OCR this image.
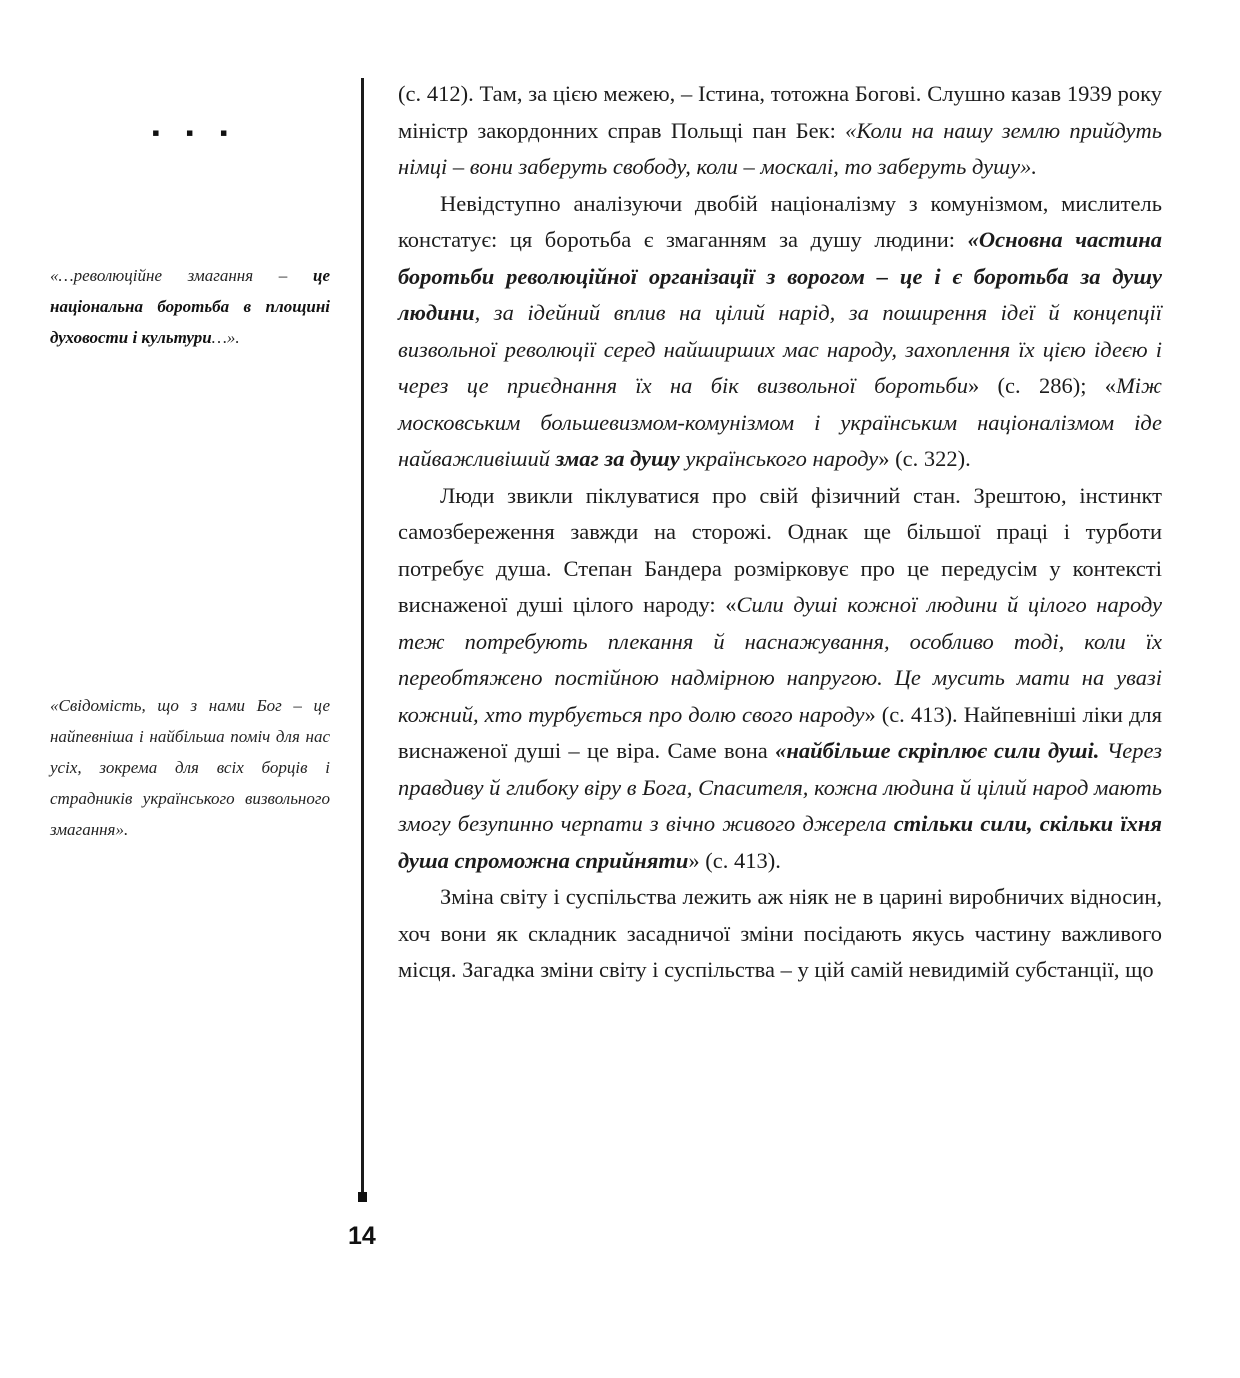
▪ ▪ ▪
«…революційне змагання – це національна боротьба в площині духовости і культури…».
«Свідомість, що з нами Бог – це найпевніша і найбільша поміч для нас усіх, зокрема для всіх борців і страдників українського визвольного змагання».
14

(с. 412). Там, за цією межею, – Істина, тотожна Богові. Слушно казав 1939 року міністр закордонних справ Польщі пан Бек: «Коли на нашу землю прийдуть німці – вони заберуть свободу, коли – москалі, то заберуть душу».

Невідступно аналізуючи двобій націоналізму з комунізмом, мислитель констатує: ця боротьба є змаганням за душу людини: «Основна частина боротьби революційної організації з ворогом – це і є боротьба за душу людини, за ідейний вплив на цілий нарід, за поширення ідеї й концепції визвольної революції серед найширших мас народу, захоплення їх цією ідеєю і через це приєднання їх на бік визвольної боротьби» (с. 286); «Між московським большевизмом-комунізмом і українським націоналізмом іде найважливіший змаг за душу українського народу» (с. 322).

Люди звикли піклуватися про свій фізичний стан. Зрештою, інстинкт самозбереження завжди на сторожі. Однак ще більшої праці і турботи потребує душа. Степан Бандера розмірковує про це передусім у контексті виснаженої душі цілого народу: «Сили душі кожної людини й цілого народу теж потребують плекання й наснажування, особливо тоді, коли їх переобтяжено постійною надмірною напругою. Це мусить мати на увазі кожний, хто турбується про долю свого народу» (с. 413). Найпевніші ліки для виснаженої душі – це віра. Саме вона «найбільше скріплює сили душі. Через правдиву й глибоку віру в Бога, Спасителя, кожна людина й цілий народ мають змогу безупинно черпати з вічно живого джерела стільки сили, скільки їхня душа спроможна сприйняти» (с. 413).

Зміна світу і суспільства лежить аж ніяк не в царині виробничих відносин, хоч вони як складник засадничої зміни посідають якусь частину важливого місця. Загадка зміни світу і суспільства – у цій самій невидимій субстанції, що
